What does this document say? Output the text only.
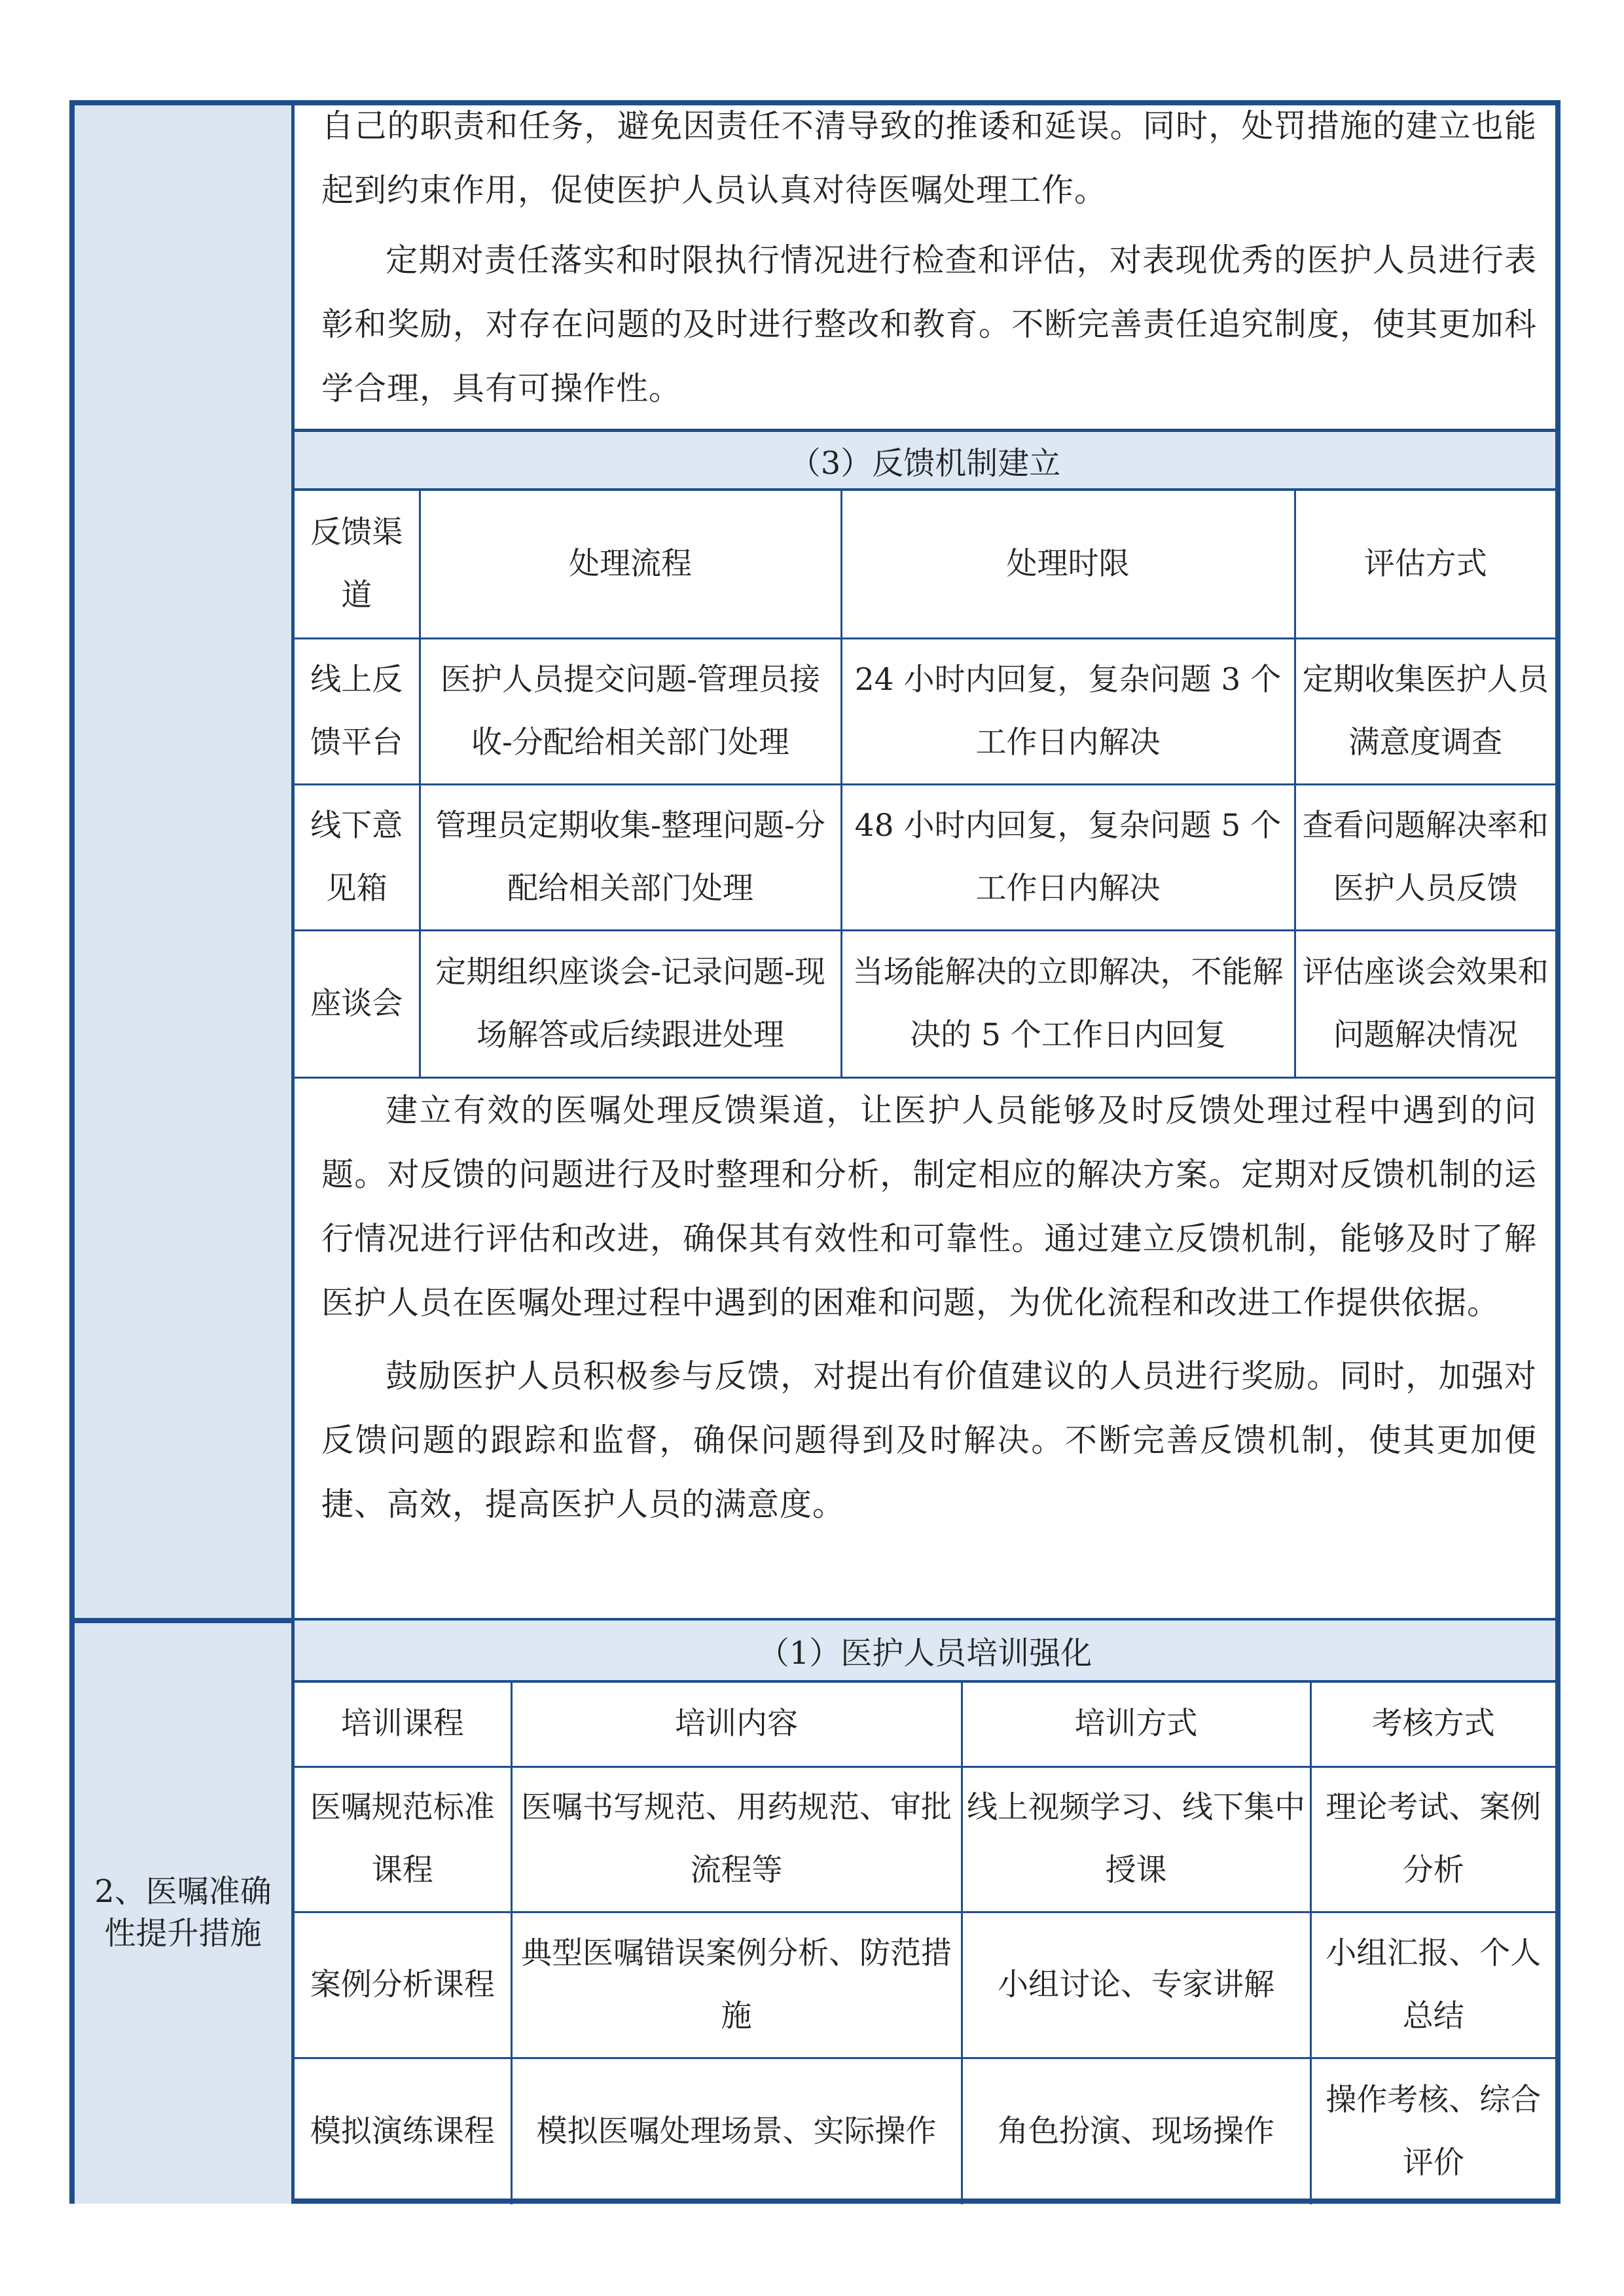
2、医嘱准确性提升措施

自己的职责和任务，避免因责任不清导致的推诿和延误。同时，处罚措施的建立也能起到约束作用，促使医护人员认真对待医嘱处理工作。

定期对责任落实和时限执行情况进行检查和评估，对表现优秀的医护人员进行表彰和奖励，对存在问题的及时进行整改和教育。不断完善责任追究制度，使其更加科学合理，具有可操作性。

（3）反馈机制建立
反馈渠道	处理流程	处理时限	评估方式
线上反馈平台	医护人员提交问题-管理员接收-分配给相关部门处理	24 小时内回复，复杂问题 3 个工作日内解决	定期收集医护人员满意度调查
线下意见箱	管理员定期收集-整理问题-分配给相关部门处理	48 小时内回复，复杂问题 5 个工作日内解决	查看问题解决率和医护人员反馈
座谈会	定期组织座谈会-记录问题-现场解答或后续跟进处理	当场能解决的立即解决，不能解决的 5 个工作日内回复	评估座谈会效果和问题解决情况

建立有效的医嘱处理反馈渠道，让医护人员能够及时反馈处理过程中遇到的问题。对反馈的问题进行及时整理和分析，制定相应的解决方案。定期对反馈机制的运行情况进行评估和改进，确保其有效性和可靠性。通过建立反馈机制，能够及时了解医护人员在医嘱处理过程中遇到的困难和问题，为优化流程和改进工作提供依据。

鼓励医护人员积极参与反馈，对提出有价值建议的人员进行奖励。同时，加强对反馈问题的跟踪和监督，确保问题得到及时解决。不断完善反馈机制，使其更加便捷、高效，提高医护人员的满意度。

（1）医护人员培训强化
培训课程	培训内容	培训方式	考核方式
医嘱规范标准课程	医嘱书写规范、用药规范、审批流程等	线上视频学习、线下集中授课	理论考试、案例分析
案例分析课程	典型医嘱错误案例分析、防范措施	小组讨论、专家讲解	小组汇报、个人总结
模拟演练课程	模拟医嘱处理场景、实际操作	角色扮演、现场操作	操作考核、综合评价
